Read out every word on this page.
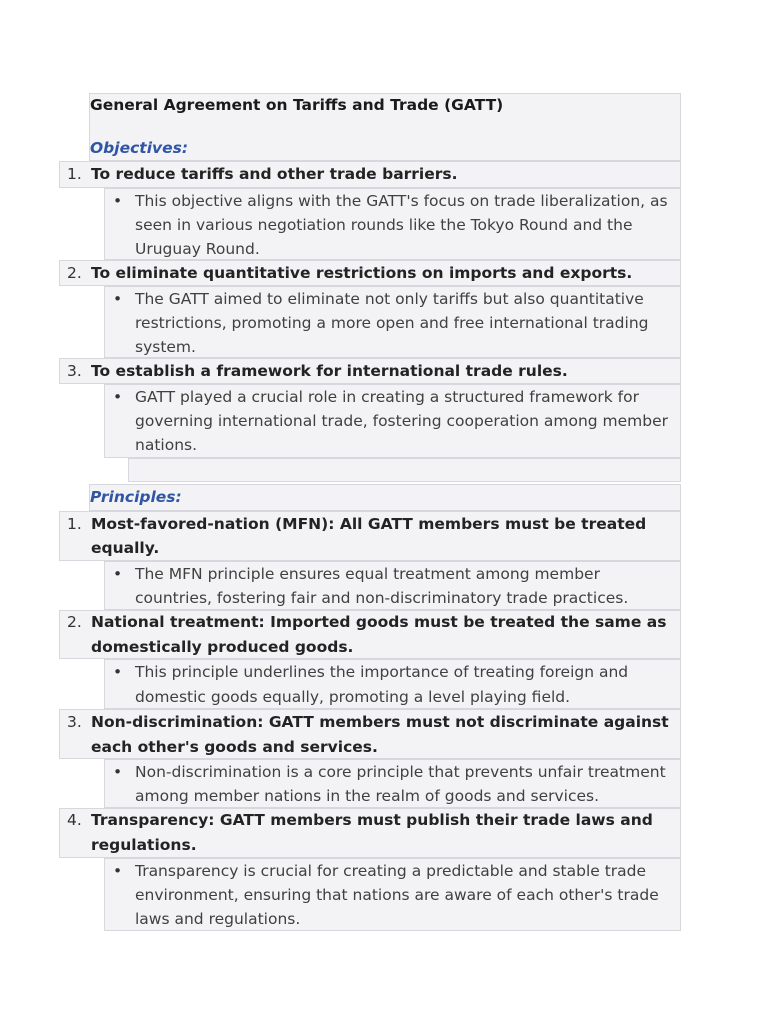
General Agreement on Tariffs and Trade (GATT)
Objectives:
1. To reduce tariffs and other trade barriers.
• This objective aligns with the GATT's focus on trade liberalization, as
seen in various negotiation rounds like the Tokyo Round and the
Uruguay Round.
2. To eliminate quantitative restrictions on imports and exports.
• The GATT aimed to eliminate not only tariffs but also quantitative
restrictions, promoting a more open and free international trading
system.
3. To establish a framework for international trade rules.
• GATT played a crucial role in creating a structured framework for
governing international trade, fostering cooperation among member
nations.
Principles:
1. Most-favored-nation (MFN): All GATT members must be treated
equally.
• The MFN principle ensures equal treatment among member
countries, fostering fair and non-discriminatory trade practices.
2. National treatment: Imported goods must be treated the same as
domestically produced goods.
• This principle underlines the importance of treating foreign and
domestic goods equally, promoting a level playing field.
3. Non-discrimination: GATT members must not discriminate against
each other's goods and services.
• Non-discrimination is a core principle that prevents unfair treatment
among member nations in the realm of goods and services.
4. Transparency: GATT members must publish their trade laws and
regulations.
• Transparency is crucial for creating a predictable and stable trade
environment, ensuring that nations are aware of each other's trade
laws and regulations.
